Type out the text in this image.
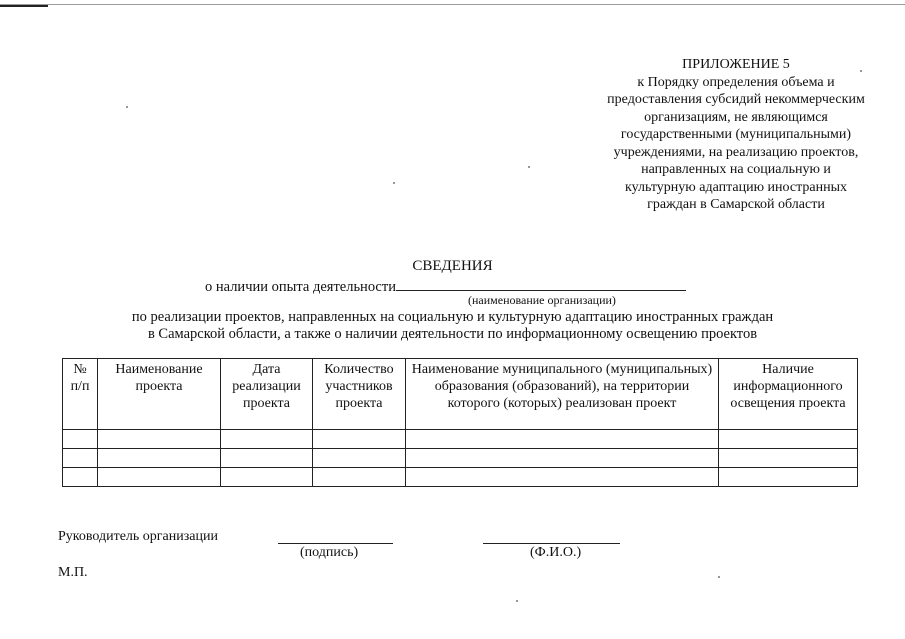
ПРИЛОЖЕНИЕ 5
к Порядку определения объема и
предоставления субсидий некоммерческим
организациям, не являющимся
государственными (муниципальными)
учреждениями, на реализацию проектов,
направленных на социальную и
культурную адаптацию иностранных
граждан в Самарской области
СВЕДЕНИЯ
о наличии опыта деятельности
(наименование организации)
по реализации проектов, направленных на социальную и культурную адаптацию иностранных граждан
в Самарской области, а также о наличии деятельности по информационному освещению проектов
№ п/п	Наименование проекта	Дата реализации проекта	Количество участников проекта	Наименование муниципального (муниципальных) образования (образований), на территории которого (которых) реализован проект	Наличие информационного освещения проекта

Руководитель организации
(подпись)	(Ф.И.О.)
М.П.
